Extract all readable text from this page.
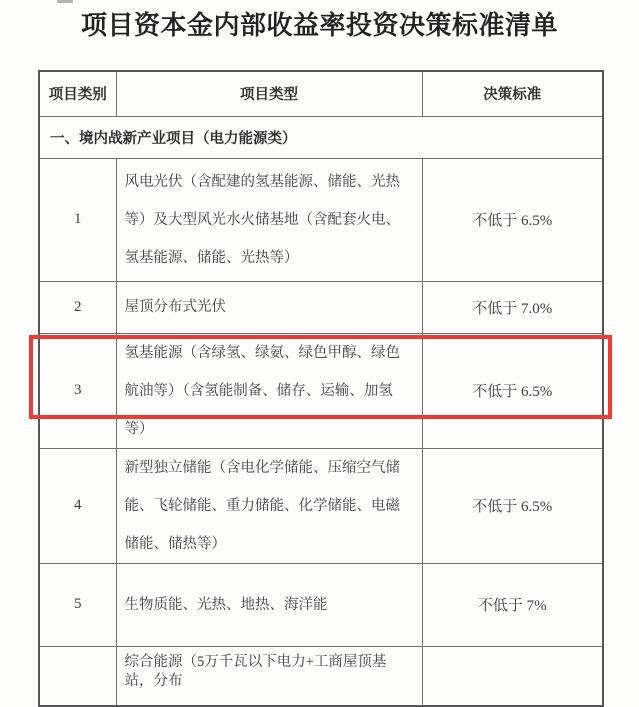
项目资本金内部收益率投资决策标准清单
项目类别	项目类型	决策标准
一、境内战新产业项目（电力能源类）		
1	风电光伏（含配建的氢基能源、储能、光热等）及大型风光水火储基地（含配套火电、氢基能源、储能、光热等）	不低于 6.5%
2	屋顶分布式光伏	不低于 7.0%
3	氢基能源（含绿氢、绿氨、绿色甲醇、绿色航油等）（含氢能制备、储存、运输、加氢等）	不低于 6.5%
4	新型独立储能（含电化学储能、压缩空气储能、飞轮储能、重力储能、化学储能、电磁储能、储热等）	不低于 6.5%
5	生物质能、光热、地热、海洋能	不低于 7%
	综合能源（5万千瓦以下电力+工商屋顶基站，分布	
